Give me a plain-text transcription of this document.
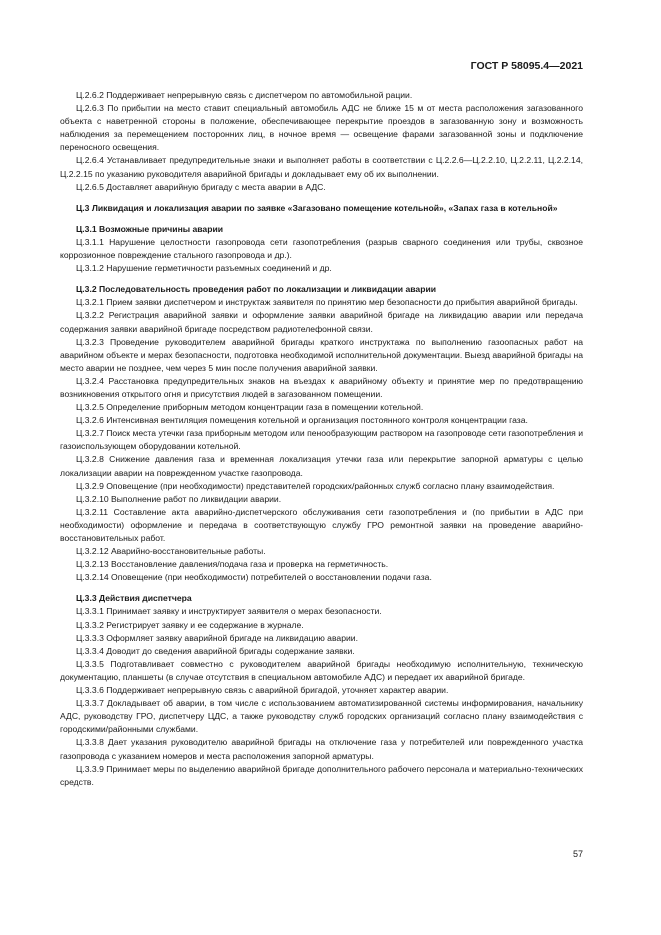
ГОСТ Р 58095.4—2021
Ц.2.6.2 Поддерживает непрерывную связь с диспетчером по автомобильной рации.
Ц.2.6.3 По прибытии на место ставит специальный автомобиль АДС не ближе 15 м от места расположения загазованного объекта с наветренной стороны в положение, обеспечивающее перекрытие проездов в загазованную зону и возможность наблюдения за перемещением посторонних лиц, в ночное время — освещение фарами загазованной зоны и подключение переносного освещения.
Ц.2.6.4 Устанавливает предупредительные знаки и выполняет работы в соответствии с Ц.2.2.6—Ц.2.2.10, Ц.2.2.11, Ц.2.2.14, Ц.2.2.15 по указанию руководителя аварийной бригады и докладывает ему об их выполнении.
Ц.2.6.5 Доставляет аварийную бригаду с места аварии в АДС.
Ц.3 Ликвидация и локализация аварии по заявке «Загазовано помещение котельной», «Запах газа в котельной»
Ц.3.1 Возможные причины аварии
Ц.3.1.1 Нарушение целостности газопровода сети газопотребления (разрыв сварного соединения или трубы, сквозное коррозионное повреждение стального газопровода и др.).
Ц.3.1.2 Нарушение герметичности разъемных соединений и др.
Ц.3.2 Последовательность проведения работ по локализации и ликвидации аварии
Ц.3.2.1 Прием заявки диспетчером и инструктаж заявителя по принятию мер безопасности до прибытия аварийной бригады.
Ц.3.2.2 Регистрация аварийной заявки и оформление заявки аварийной бригаде на ликвидацию аварии или передача содержания заявки аварийной бригаде посредством радиотелефонной связи.
Ц.3.2.3 Проведение руководителем аварийной бригады краткого инструктажа по выполнению газоопасных работ на аварийном объекте и мерах безопасности, подготовка необходимой исполнительной документации. Выезд аварийной бригады на место аварии не позднее, чем через 5 мин после получения аварийной заявки.
Ц.3.2.4 Расстановка предупредительных знаков на въездах к аварийному объекту и принятие мер по предотвращению возникновения открытого огня и присутствия людей в загазованном помещении.
Ц.3.2.5 Определение приборным методом концентрации газа в помещении котельной.
Ц.3.2.6 Интенсивная вентиляция помещения котельной и организация постоянного контроля концентрации газа.
Ц.3.2.7 Поиск места утечки газа приборным методом или пенообразующим раствором на газопроводе сети газопотребления и газоиспользующем оборудовании котельной.
Ц.3.2.8 Снижение давления газа и временная локализация утечки газа или перекрытие запорной арматуры с целью локализации аварии на поврежденном участке газопровода.
Ц.3.2.9 Оповещение (при необходимости) представителей городских/районных служб согласно плану взаимодействия.
Ц.3.2.10 Выполнение работ по ликвидации аварии.
Ц.3.2.11 Составление акта аварийно-диспетчерского обслуживания сети газопотребления и (по прибытии в АДС при необходимости) оформление и передача в соответствующую службу ГРО ремонтной заявки на проведение аварийно-восстановительных работ.
Ц.3.2.12 Аварийно-восстановительные работы.
Ц.3.2.13 Восстановление давления/подача газа и проверка на герметичность.
Ц.3.2.14 Оповещение (при необходимости) потребителей о восстановлении подачи газа.
Ц.3.3 Действия диспетчера
Ц.3.3.1 Принимает заявку и инструктирует заявителя о мерах безопасности.
Ц.3.3.2 Регистрирует заявку и ее содержание в журнале.
Ц.3.3.3 Оформляет заявку аварийной бригаде на ликвидацию аварии.
Ц.3.3.4 Доводит до сведения аварийной бригады содержание заявки.
Ц.3.3.5 Подготавливает совместно с руководителем аварийной бригады необходимую исполнительную, техническую документацию, планшеты (в случае отсутствия в специальном автомобиле АДС) и передает их аварийной бригаде.
Ц.3.3.6 Поддерживает непрерывную связь с аварийной бригадой, уточняет характер аварии.
Ц.3.3.7 Докладывает об аварии, в том числе с использованием автоматизированной системы информирования, начальнику АДС, руководству ГРО, диспетчеру ЦДС, а также руководству служб городских организаций согласно плану взаимодействия с городскими/районными службами.
Ц.3.3.8 Дает указания руководителю аварийной бригады на отключение газа у потребителей или поврежденного участка газопровода с указанием номеров и места расположения запорной арматуры.
Ц.3.3.9 Принимает меры по выделению аварийной бригаде дополнительного рабочего персонала и материально-технических средств.
57
